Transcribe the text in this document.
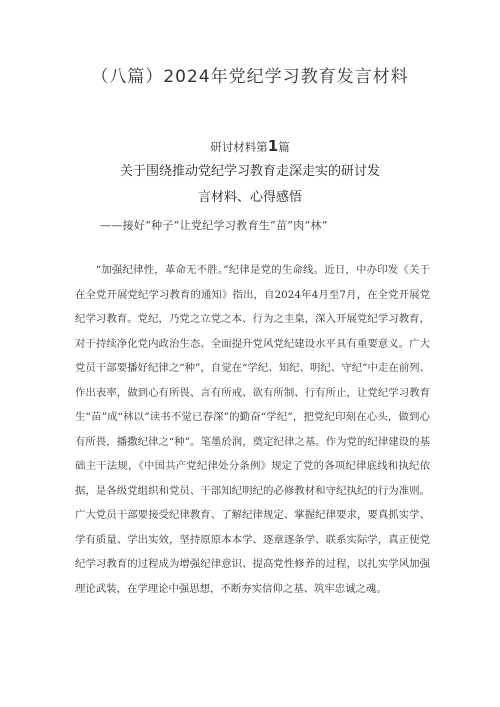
（八篇）2024年党纪学习教育发言材料
研讨材料第1篇
关于围绕推动党纪学习教育走深走实的研讨发
言材料、心得感悟
——接好“种子”让党纪学习教育生“苗”肉“林”

“加强纪律性，革命无不胜。”纪律是党的生命线。近日，中办印发《关于在全党开展党纪学习教育的通知》指出，自2024年4月至7月，在全党开展党纪学习教育。党纪，乃党之立党之本、行为之圭臬，深入开展党纪学习教育，对于持续净化党内政治生态、全面提升党风党纪建设水平具有重要意义。广大党员干部要播好纪律之“种”，自觉在“学纪、知纪、明纪、守纪”中走在前列、作出表率，做到心有所畏、言有所戒、欲有所制、行有所止，让党纪学习教育生“苗”成“林以”读书不觉已春深”的勤奋“学纪”，把党纪印刻在心头，做到心有所畏，播撒纪律之“种”。笔墨於润，奠定纪律之基。作为党的纪律建设的基础主干法规，《中国共产党纪律处分条例》规定了党的各项纪律底线和执纪依据，是各级党组织和党员、干部知纪明纪的必修教材和守纪执纪的行为准则。广大党员干部要接受纪律教育、了解纪律规定、掌握纪律要求，要真抓实学、学有质量、学出实效，坚持原原本本学、逐章逐条学、联系实际学，真正使党纪学习教育的过程成为增强纪律意识、提高党性修养的过程，以扎实学风加强理论武装，在学理论中强思想，不断夯实信仰之基、筑牢忠诚之魂。
